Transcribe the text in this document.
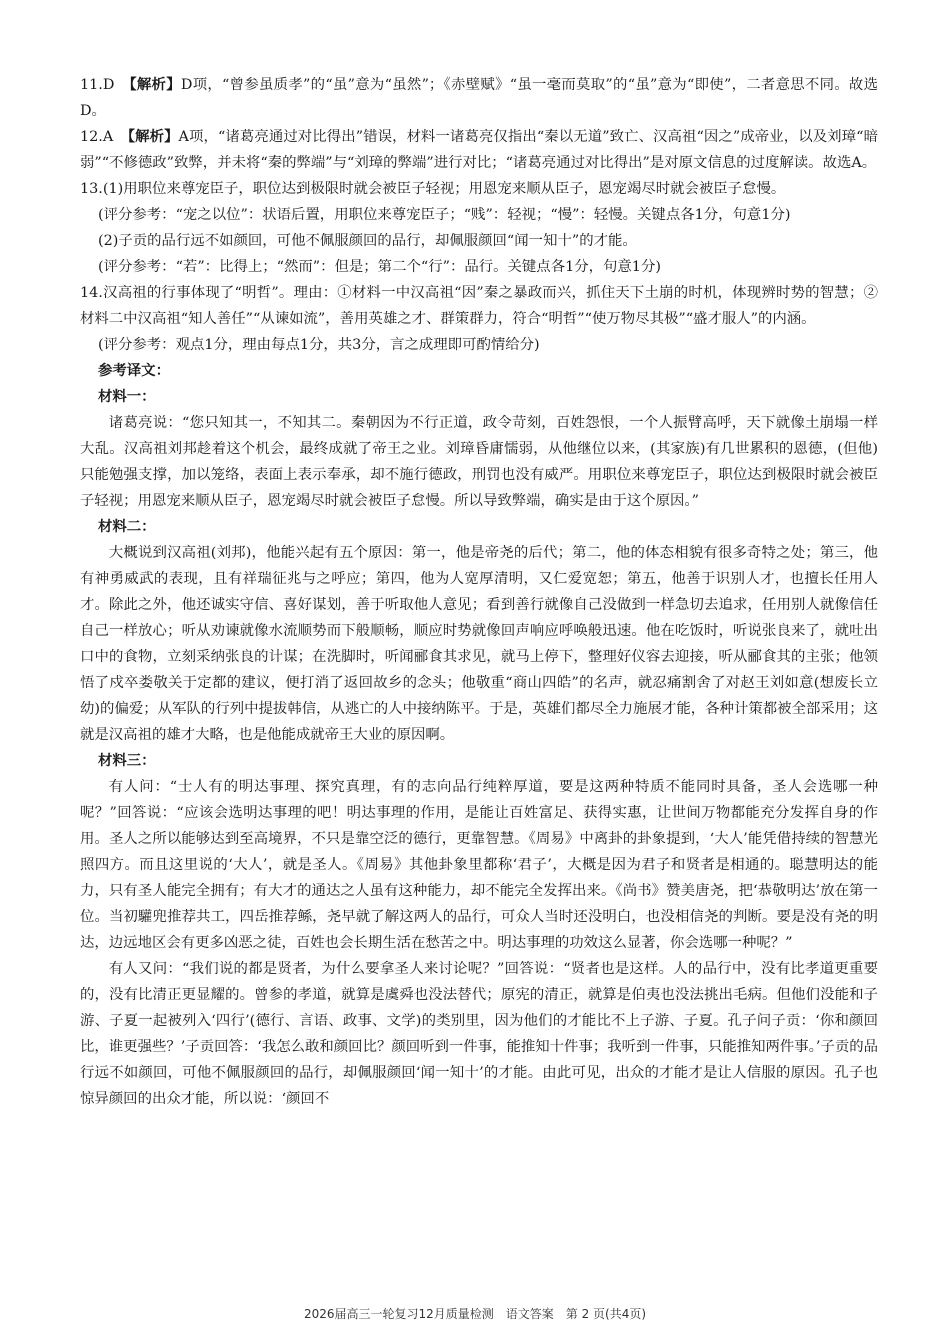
11.D　 【解析】D项，“曾参虽质孝”的“虽”意为“虽然”；《赤壁赋》“虽一毫而莫取”的“虽”意为“即使”，二者意思不同。故选D。

12.A　 【解析】A项，“诸葛亮通过对比得出”错误，材料一诸葛亮仅指出“秦以无道”致亡、汉高祖“因之”成帝业，以及刘璋“暗弱”“不修德政”致弊，并未将“秦的弊端”与“刘璋的弊端”进行对比；“诸葛亮通过对比得出”是对原文信息的过度解读。故选A。

13.(1)用职位来尊宠臣子，职位达到极限时就会被臣子轻视；用恩宠来顺从臣子，恩宠竭尽时就会被臣子怠慢。

(评分参考：“宠之以位”：状语后置，用职位来尊宠臣子；“贱”：轻视；“慢”：轻慢。关键点各1分，句意1分)

(2)子贡的品行远不如颜回，可他不佩服颜回的品行，却佩服颜回“闻一知十”的才能。

(评分参考：“若”：比得上；“然而”：但是；第二个“行”：品行。关键点各1分，句意1分)

14.汉高祖的行事体现了“明哲”。理由：①材料一中汉高祖“因”秦之暴政而兴，抓住天下土崩的时机，体现辨时势的智慧；②材料二中汉高祖“知人善任”“从谏如流”，善用英雄之才、群策群力，符合“明哲”“使万物尽其极”“盛才服人”的内涵。

(评分参考：观点1分，理由每点1分，共3分，言之成理即可酌情给分)

参考译文：

材料一：

诸葛亮说：“您只知其一，不知其二。秦朝因为不行正道，政令苛刻，百姓怨恨，一个人振臂高呼，天下就像土崩塌一样大乱。汉高祖刘邦趁着这个机会，最终成就了帝王之业。刘璋昏庸懦弱，从他继位以来，(其家族)有几世累积的恩德，(但他)只能勉强支撑，加以笼络，表面上表示奉承，却不施行德政，刑罚也没有威严。用职位来尊宠臣子，职位达到极限时就会被臣子轻视；用恩宠来顺从臣子，恩宠竭尽时就会被臣子怠慢。所以导致弊端，确实是由于这个原因。”

材料二：

大概说到汉高祖(刘邦)，他能兴起有五个原因：第一，他是帝尧的后代；第二，他的体态相貌有很多奇特之处；第三，他有神勇威武的表现，且有祥瑞征兆与之呼应；第四，他为人宽厚清明，又仁爱宽恕；第五，他善于识别人才，也擅长任用人才。除此之外，他还诚实守信、喜好谋划，善于听取他人意见；看到善行就像自己没做到一样急切去追求，任用别人就像信任自己一样放心；听从劝谏就像水流顺势而下般顺畅，顺应时势就像回声响应呼唤般迅速。他在吃饭时，听说张良来了，就吐出口中的食物，立刻采纳张良的计谋；在洗脚时，听闻郦食其求见，就马上停下，整理好仪容去迎接，听从郦食其的主张；他领悟了戍卒娄敬关于定都的建议，便打消了返回故乡的念头；他敬重“商山四皓”的名声，就忍痛割舍了对赵王刘如意(想废长立幼)的偏爱；从军队的行列中提拔韩信，从逃亡的人中接纳陈平。于是，英雄们都尽全力施展才能，各种计策都被全部采用；这就是汉高祖的雄才大略，也是他能成就帝王大业的原因啊。

材料三：

有人问：“士人有的明达事理、探究真理，有的志向品行纯粹厚道，要是这两种特质不能同时具备，圣人会选哪一种呢？”回答说：“应该会选明达事理的吧！明达事理的作用，是能让百姓富足、获得实惠，让世间万物都能充分发挥自身的作用。圣人之所以能够达到至高境界，不只是靠空泛的德行，更靠智慧。《周易》中离卦的卦象提到，‘大人’能凭借持续的智慧光照四方。而且这里说的‘大人’，就是圣人。《周易》其他卦象里都称‘君子’，大概是因为君子和贤者是相通的。聪慧明达的能力，只有圣人能完全拥有；有大才的通达之人虽有这种能力，却不能完全发挥出来。《尚书》赞美唐尧，把‘恭敬明达’放在第一位。当初驩兜推荐共工，四岳推荐鲧，尧早就了解这两人的品行，可众人当时还没明白，也没相信尧的判断。要是没有尧的明达，边远地区会有更多凶恶之徒，百姓也会长期生活在愁苦之中。明达事理的功效这么显著，你会选哪一种呢？”

有人又问：“我们说的都是贤者，为什么要拿圣人来讨论呢？”回答说：“贤者也是这样。人的品行中，没有比孝道更重要的，没有比清正更显耀的。曾参的孝道，就算是虞舜也没法替代；原宪的清正，就算是伯夷也没法挑出毛病。但他们没能和子游、子夏一起被列入‘四行’(德行、言语、政事、文学)的类别里，因为他们的才能比不上子游、子夏。孔子问子贡：‘你和颜回比，谁更强些？’子贡回答：‘我怎么敢和颜回比？颜回听到一件事，能推知十件事；我听到一件事，只能推知两件事。’子贡的品行远不如颜回，可他不佩服颜回的品行，却佩服颜回‘闻一知十’的才能。由此可见，出众的才能才是让人信服的原因。孔子也惊异颜回的出众才能，所以说：‘颜回不

2026届高三一轮复习12月质量检测　语文答案　第 2 页(共4页)
